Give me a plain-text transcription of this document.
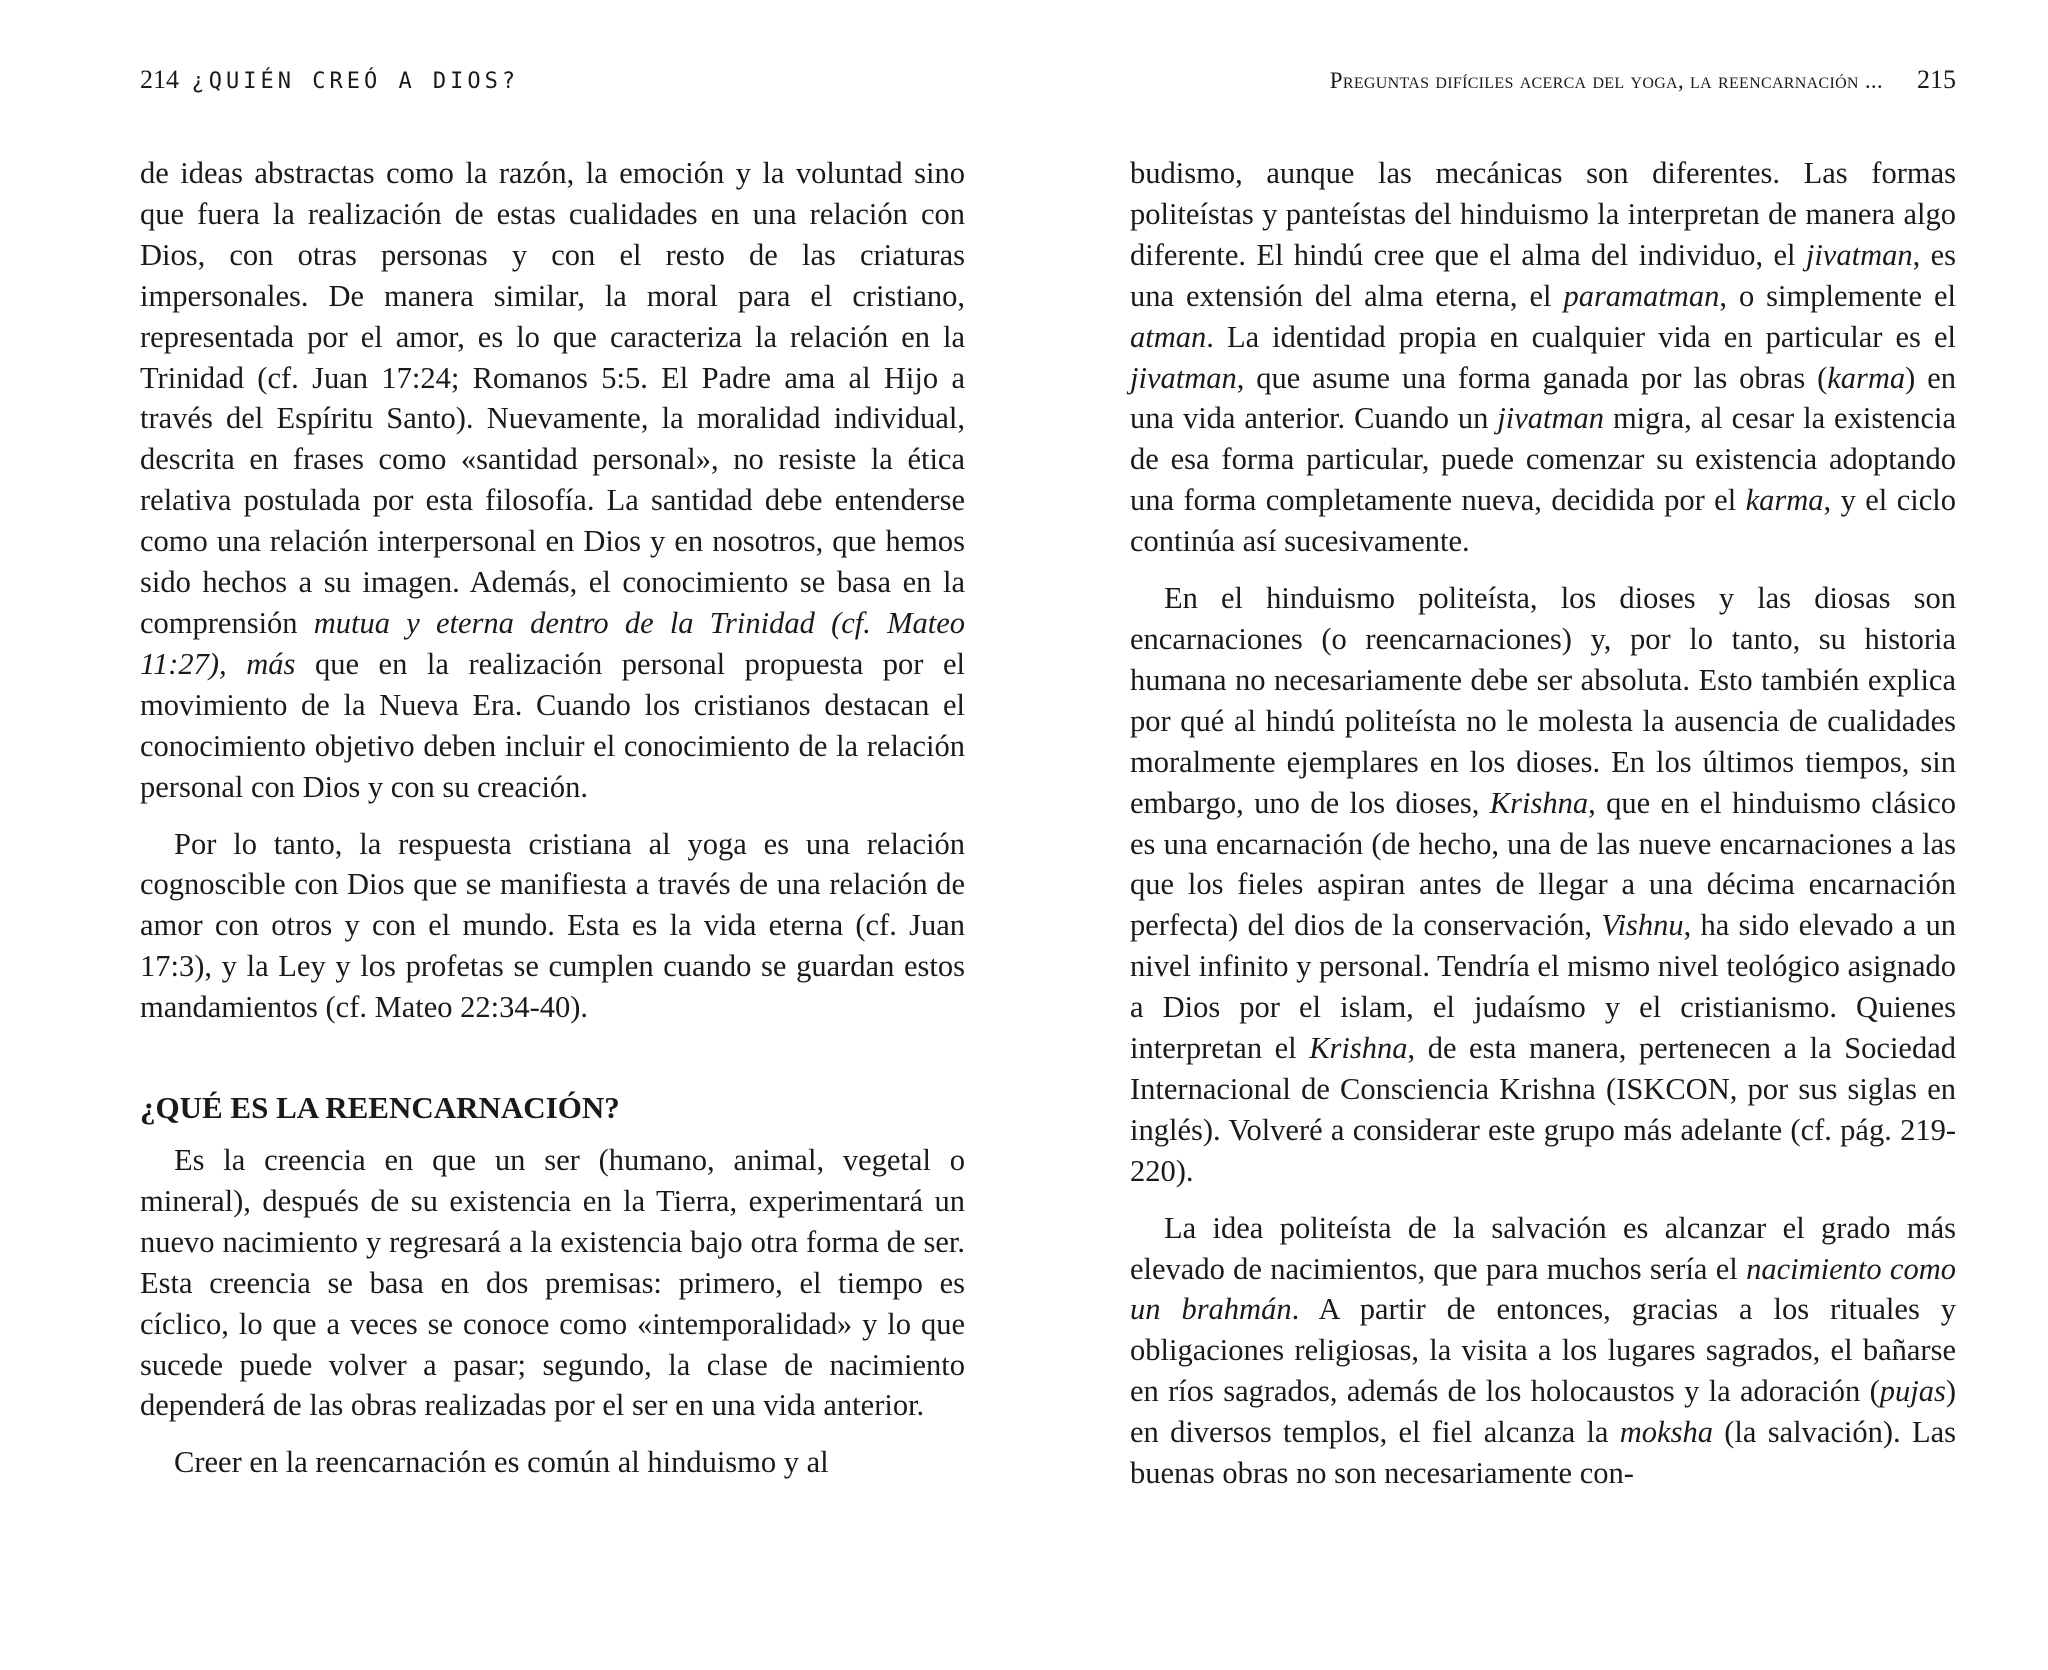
214 ¿QUIÉN CREÓ A DIOS?

de ideas abstractas como la razón, la emoción y la voluntad sino que fuera la realización de estas cualidades en una relación con Dios, con otras personas y con el resto de las criaturas impersonales. De manera similar, la moral para el cristiano, representada por el amor, es lo que caracteriza la relación en la Trinidad (cf. Juan 17:24; Romanos 5:5. El Padre ama al Hijo a través del Espíritu Santo). Nuevamente, la moralidad individual, descrita en frases como «santidad personal», no resiste la ética relativa postulada por esta filosofía. La santidad debe entenderse como una relación interpersonal en Dios y en nosotros, que hemos sido hechos a su imagen. Además, el conocimiento se basa en la comprensión mutua y eterna dentro de la Trinidad (cf. Mateo 11:27), más que en la realización personal propuesta por el movimiento de la Nueva Era. Cuando los cristianos destacan el conocimiento objetivo deben incluir el conocimiento de la relación personal con Dios y con su creación.

Por lo tanto, la respuesta cristiana al yoga es una relación cognoscible con Dios que se manifiesta a través de una relación de amor con otros y con el mundo. Esta es la vida eterna (cf. Juan 17:3), y la Ley y los profetas se cumplen cuando se guardan estos mandamientos (cf. Mateo 22:34-40).

¿QUÉ ES LA REENCARNACIÓN?

Es la creencia en que un ser (humano, animal, vegetal o mineral), después de su existencia en la Tierra, experimentará un nuevo nacimiento y regresará a la existencia bajo otra forma de ser. Esta creencia se basa en dos premisas: primero, el tiempo es cíclico, lo que a veces se conoce como «intemporalidad» y lo que sucede puede volver a pasar; segundo, la clase de nacimiento dependerá de las obras realizadas por el ser en una vida anterior.

Creer en la reencarnación es común al hinduismo y al

Preguntas difíciles acerca del yoga, la reencarnación ... 215

budismo, aunque las mecánicas son diferentes. Las formas politeístas y panteístas del hinduismo la interpretan de manera algo diferente. El hindú cree que el alma del individuo, el jivatman, es una extensión del alma eterna, el paramatman, o simplemente el atman. La identidad propia en cualquier vida en particular es el jivatman, que asume una forma ganada por las obras (karma) en una vida anterior. Cuando un jivatman migra, al cesar la existencia de esa forma particular, puede comenzar su existencia adoptando una forma completamente nueva, decidida por el karma, y el ciclo continúa así sucesivamente.

En el hinduismo politeísta, los dioses y las diosas son encarnaciones (o reencarnaciones) y, por lo tanto, su historia humana no necesariamente debe ser absoluta. Esto también explica por qué al hindú politeísta no le molesta la ausencia de cualidades moralmente ejemplares en los dioses. En los últimos tiempos, sin embargo, uno de los dioses, Krishna, que en el hinduismo clásico es una encarnación (de hecho, una de las nueve encarnaciones a las que los fieles aspiran antes de llegar a una décima encarnación perfecta) del dios de la conservación, Vishnu, ha sido elevado a un nivel infinito y personal. Tendría el mismo nivel teológico asignado a Dios por el islam, el judaísmo y el cristianismo. Quienes interpretan el Krishna, de esta manera, pertenecen a la Sociedad Internacional de Consciencia Krishna (ISKCON, por sus siglas en inglés). Volveré a considerar este grupo más adelante (cf. pág. 219-220).

La idea politeísta de la salvación es alcanzar el grado más elevado de nacimientos, que para muchos sería el nacimiento como un brahmán. A partir de entonces, gracias a los rituales y obligaciones religiosas, la visita a los lugares sagrados, el bañarse en ríos sagrados, además de los holocaustos y la adoración (pujas) en diversos templos, el fiel alcanza la moksha (la salvación). Las buenas obras no son necesariamente con-
